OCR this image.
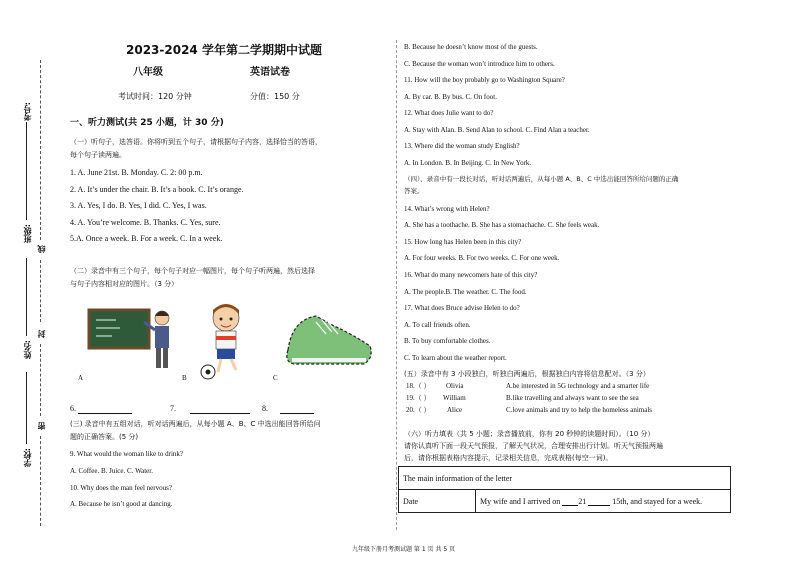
考号:
班级:
姓名:
学校:
线
封
密
2023-2024 学年第二学期期中试题
八年级	英语试卷
考试时间：120 分钟	分值：150 分
一、听力测试(共 25 小题，计 30 分)
（一）听句子，选答语。你将听到五个句子，请根据句子内容，选择恰当的答语，
每个句子读两遍。
1. A. June 21st. B. Monday. C. 2: 00 p.m.
2. A. It’s under the chair. B. It’s a book. C. It’s orange.
3. A. Yes, I do. B. Yes, I did. C. Yes, I was.
4. A. You’re welcome. B. Thanks. C. Yes, sure.
5.A. Once a week. B. For a week. C. In a week.
（二）录音中有三个句子，每个句子对应一幅图片，每个句子听两遍，然后选择
与句子内容相对应的图片。（3 分）
A	B	C
6.	7.	8.
(三) 录音中有五组对话，听对话两遍后，从每小题 A、B、C 中选出能回答所给问
题的正确答案。(5 分)
9. What would the woman like to drink?
A. Coffee. B. Juice. C. Water.
10. Why does the man feel nervous?
A. Because he isn’t good at dancing.
B. Because he doesn’t know most of the guests.
C. Because the woman won’t introduce him to others.
11. How will the boy probably go to Washington Square?
A. By car. B. By bus. C. On foot.
12. What does Julie want to do?
A. Stay with Alan. B. Send Alan to school. C. Find Alan a teacher.
13. Where did the woman study English?
A. In London. B. In Beijing. C. In New York.
（四）、录音中有一段长对话，听对话两遍后，从每小题 A、B、C 中选出能回答所给问题的正确
答案。
14. What’s wrong with Helen?
A. She has a toothache. B. She has a stomachache. C. She feels weak.
15. How long has Helen been in this city?
A. For four weeks. B. For two weeks. C. For one week.
16. What do many newcomers hate of this city?
A. The people.B. The weather. C. The food.
17. What does Bruce advise Helen to do?
A. To call friends often.
B. To buy comfortable clothes.
C. To learn about the weather report.
(五）录音中有 3 小段独白，听独白两遍后，根据独白内容将信息配对。（3 分）
18.（ ） Olivia	A.be interested in 5G technology and a smarter life
19.（ ） William	B.like travelling and always want to see the sea
20.（ ） Alice	C.love animals and try to help the homeless animals
（六）听力填表（共 5 小题；录音播放前，你有 20 秒钟的读题时间）。（10 分）
请你认真听下面一段天气预报，了解天气状况，合理安排出行计划。听天气预报两遍
后，请你根据表格内容提示，记录相关信息，完成表格(每空一词)。
The main information of the letter
Date	My wife and I arrived on 21	15th, and stayed for a week.
九年级下册月考测试题 第 1 页 共 5 页
